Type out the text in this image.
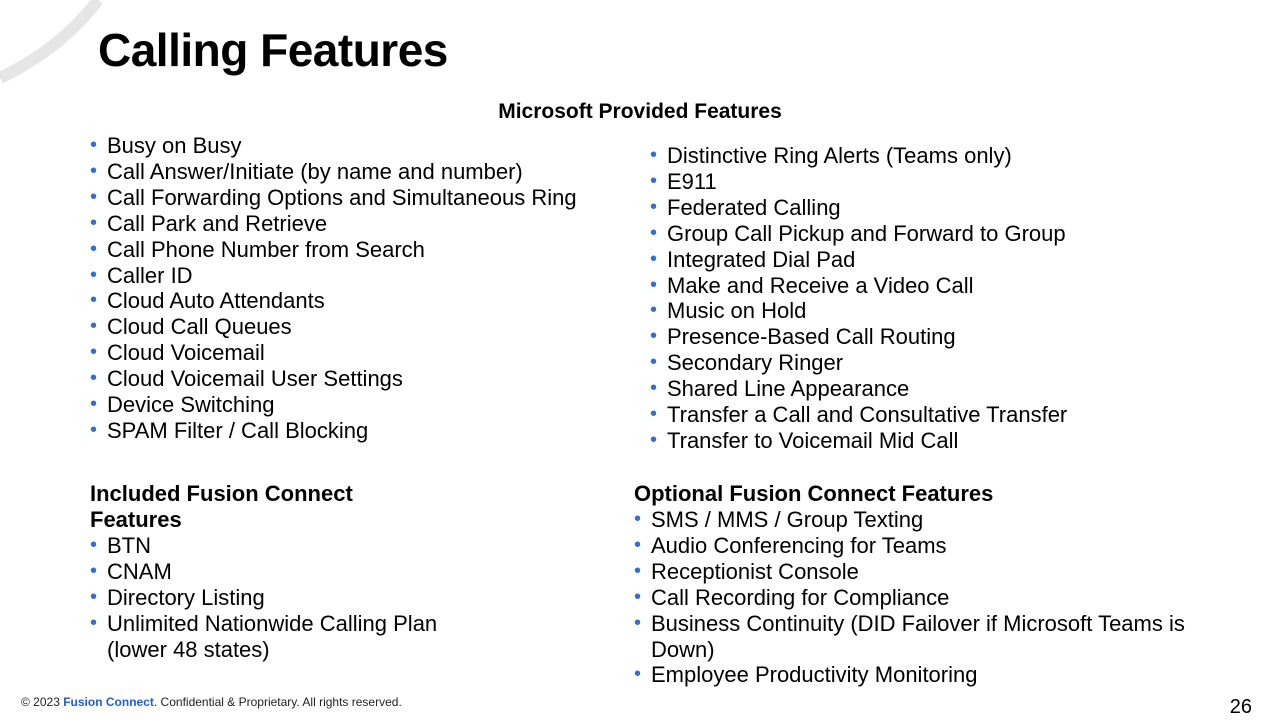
Calling Features
Microsoft Provided Features
• Busy on Busy
• Call Answer/Initiate (by name and number)
• Call Forwarding Options and Simultaneous Ring
• Call Park and Retrieve
• Call Phone Number from Search
• Caller ID
• Cloud Auto Attendants
• Cloud Call Queues
• Cloud Voicemail
• Cloud Voicemail User Settings
• Device Switching
• SPAM Filter / Call Blocking
• Distinctive Ring Alerts (Teams only)
• E911
• Federated Calling
• Group Call Pickup and Forward to Group
• Integrated Dial Pad
• Make and Receive a Video Call
• Music on Hold
• Presence-Based Call Routing
• Secondary Ringer
• Shared Line Appearance
• Transfer a Call and Consultative Transfer
• Transfer to Voicemail Mid Call
Included Fusion Connect Features
• BTN
• CNAM
• Directory Listing
• Unlimited Nationwide Calling Plan (lower 48 states)
Optional Fusion Connect Features
• SMS / MMS / Group Texting
• Audio Conferencing for Teams
• Receptionist Console
• Call Recording for Compliance
• Business Continuity (DID Failover if Microsoft Teams is Down)
• Employee Productivity Monitoring
© 2023 Fusion Connect. Confidential & Proprietary. All rights reserved.	26
